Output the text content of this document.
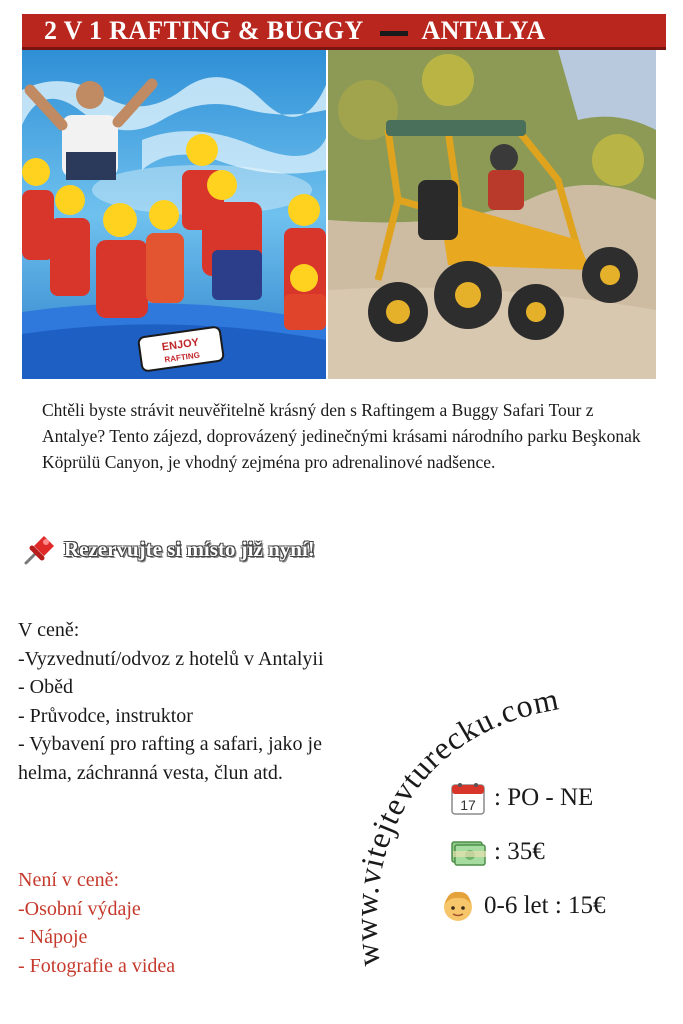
2 V 1 RAFTING & BUGGY ANTALYA
ENJOY
RAFTING
Chtěli byste strávit neuvěřitelně krásný den s Raftingem a Buggy Safari Tour z Antalye? Tento zájezd, doprovázený jedinečnými krásami národního parku Beşkonak Köprülü Canyon, je vhodný zejména pro adrenalinové nadšence.
Rezervujte si místo již nyní!
V ceně:
-Vyzvednutí/odvoz z hotelů v Antalyii
- Oběd
- Průvodce, instruktor
- Vybavení pro rafting a safari, jako je helma, záchranná vesta, člun atd.
Není v ceně:
-Osobní výdaje
- Nápoje
- Fotografie a videa	www.vitejtevturecku.com
17 : PO - NE
: 35€
0-6 let : 15€
